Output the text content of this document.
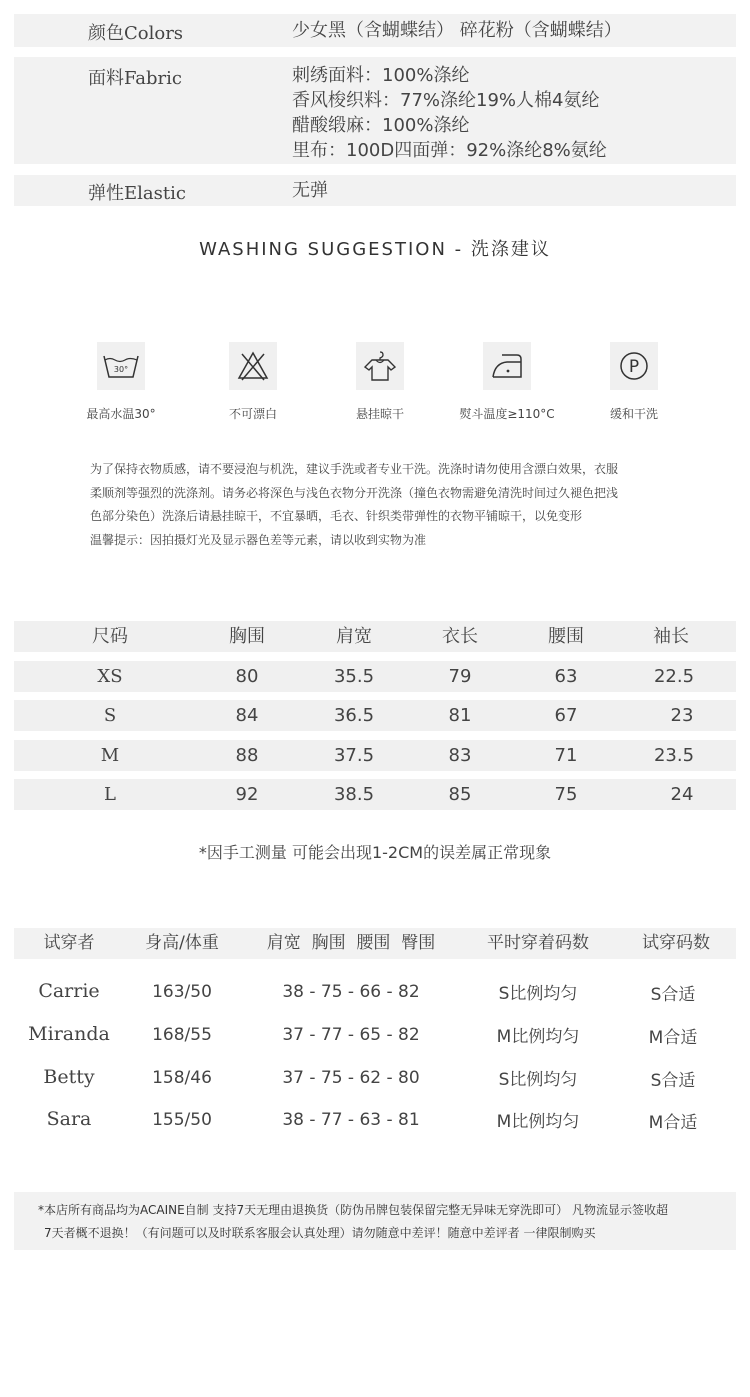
颜色Colors	少女黑（含蝴蝶结） 碎花粉（含蝴蝶结）
面料Fabric	刺绣面料：100%涤纶
香风梭织料：77%涤纶19%人棉4氨纶
醋酸缎麻：100%涤纶
里布：100D四面弹：92%涤纶8%氨纶
弹性Elastic	无弹
WASHING SUGGESTION - 洗涤建议
30°
最高水温30°	不可漂白	悬挂晾干	熨斗温度≥110°C
P
缓和干洗
为了保持衣物质感，请不要浸泡与机洗，建议手洗或者专业干洗。洗涤时请勿使用含漂白效果，衣服
柔顺剂等强烈的洗涤剂。请务必将深色与浅色衣物分开洗涤（撞色衣物需避免清洗时间过久褪色把浅
色部分染色）洗涤后请悬挂晾干，不宜暴晒，毛衣、针织类带弹性的衣物平铺晾干，以免变形
温馨提示：因拍摄灯光及显示器色差等元素，请以收到实物为准
尺码	胸围	肩宽	衣长	腰围	袖长
XS	80	35.5	79	63	22.5
S	84	36.5	81	67	23
M	88	37.5	83	71	23.5
L	92	38.5	85	75	24
*因手工测量 可能会出现1-2CM的误差属正常现象
试穿者	身高/体重	肩宽  胸围  腰围  臀围	平时穿着码数	试穿码数
Carrie	163/50	38 - 75 - 66 - 82	S比例均匀	S合适
Miranda	168/55	37 - 77 - 65 - 82	M比例均匀	M合适
Betty	158/46	37 - 75 - 62 - 80	S比例均匀	S合适
Sara	155/50	38 - 77 - 63 - 81	M比例均匀	M合适
*本店所有商品均为ACAINE自制 支持7天无理由退换货（防伪吊牌包装保留完整无异味无穿洗即可） 凡物流显示签收超
7天者概不退换！（有问题可以及时联系客服会认真处理）请勿随意中差评！随意中差评者 一律限制购买
